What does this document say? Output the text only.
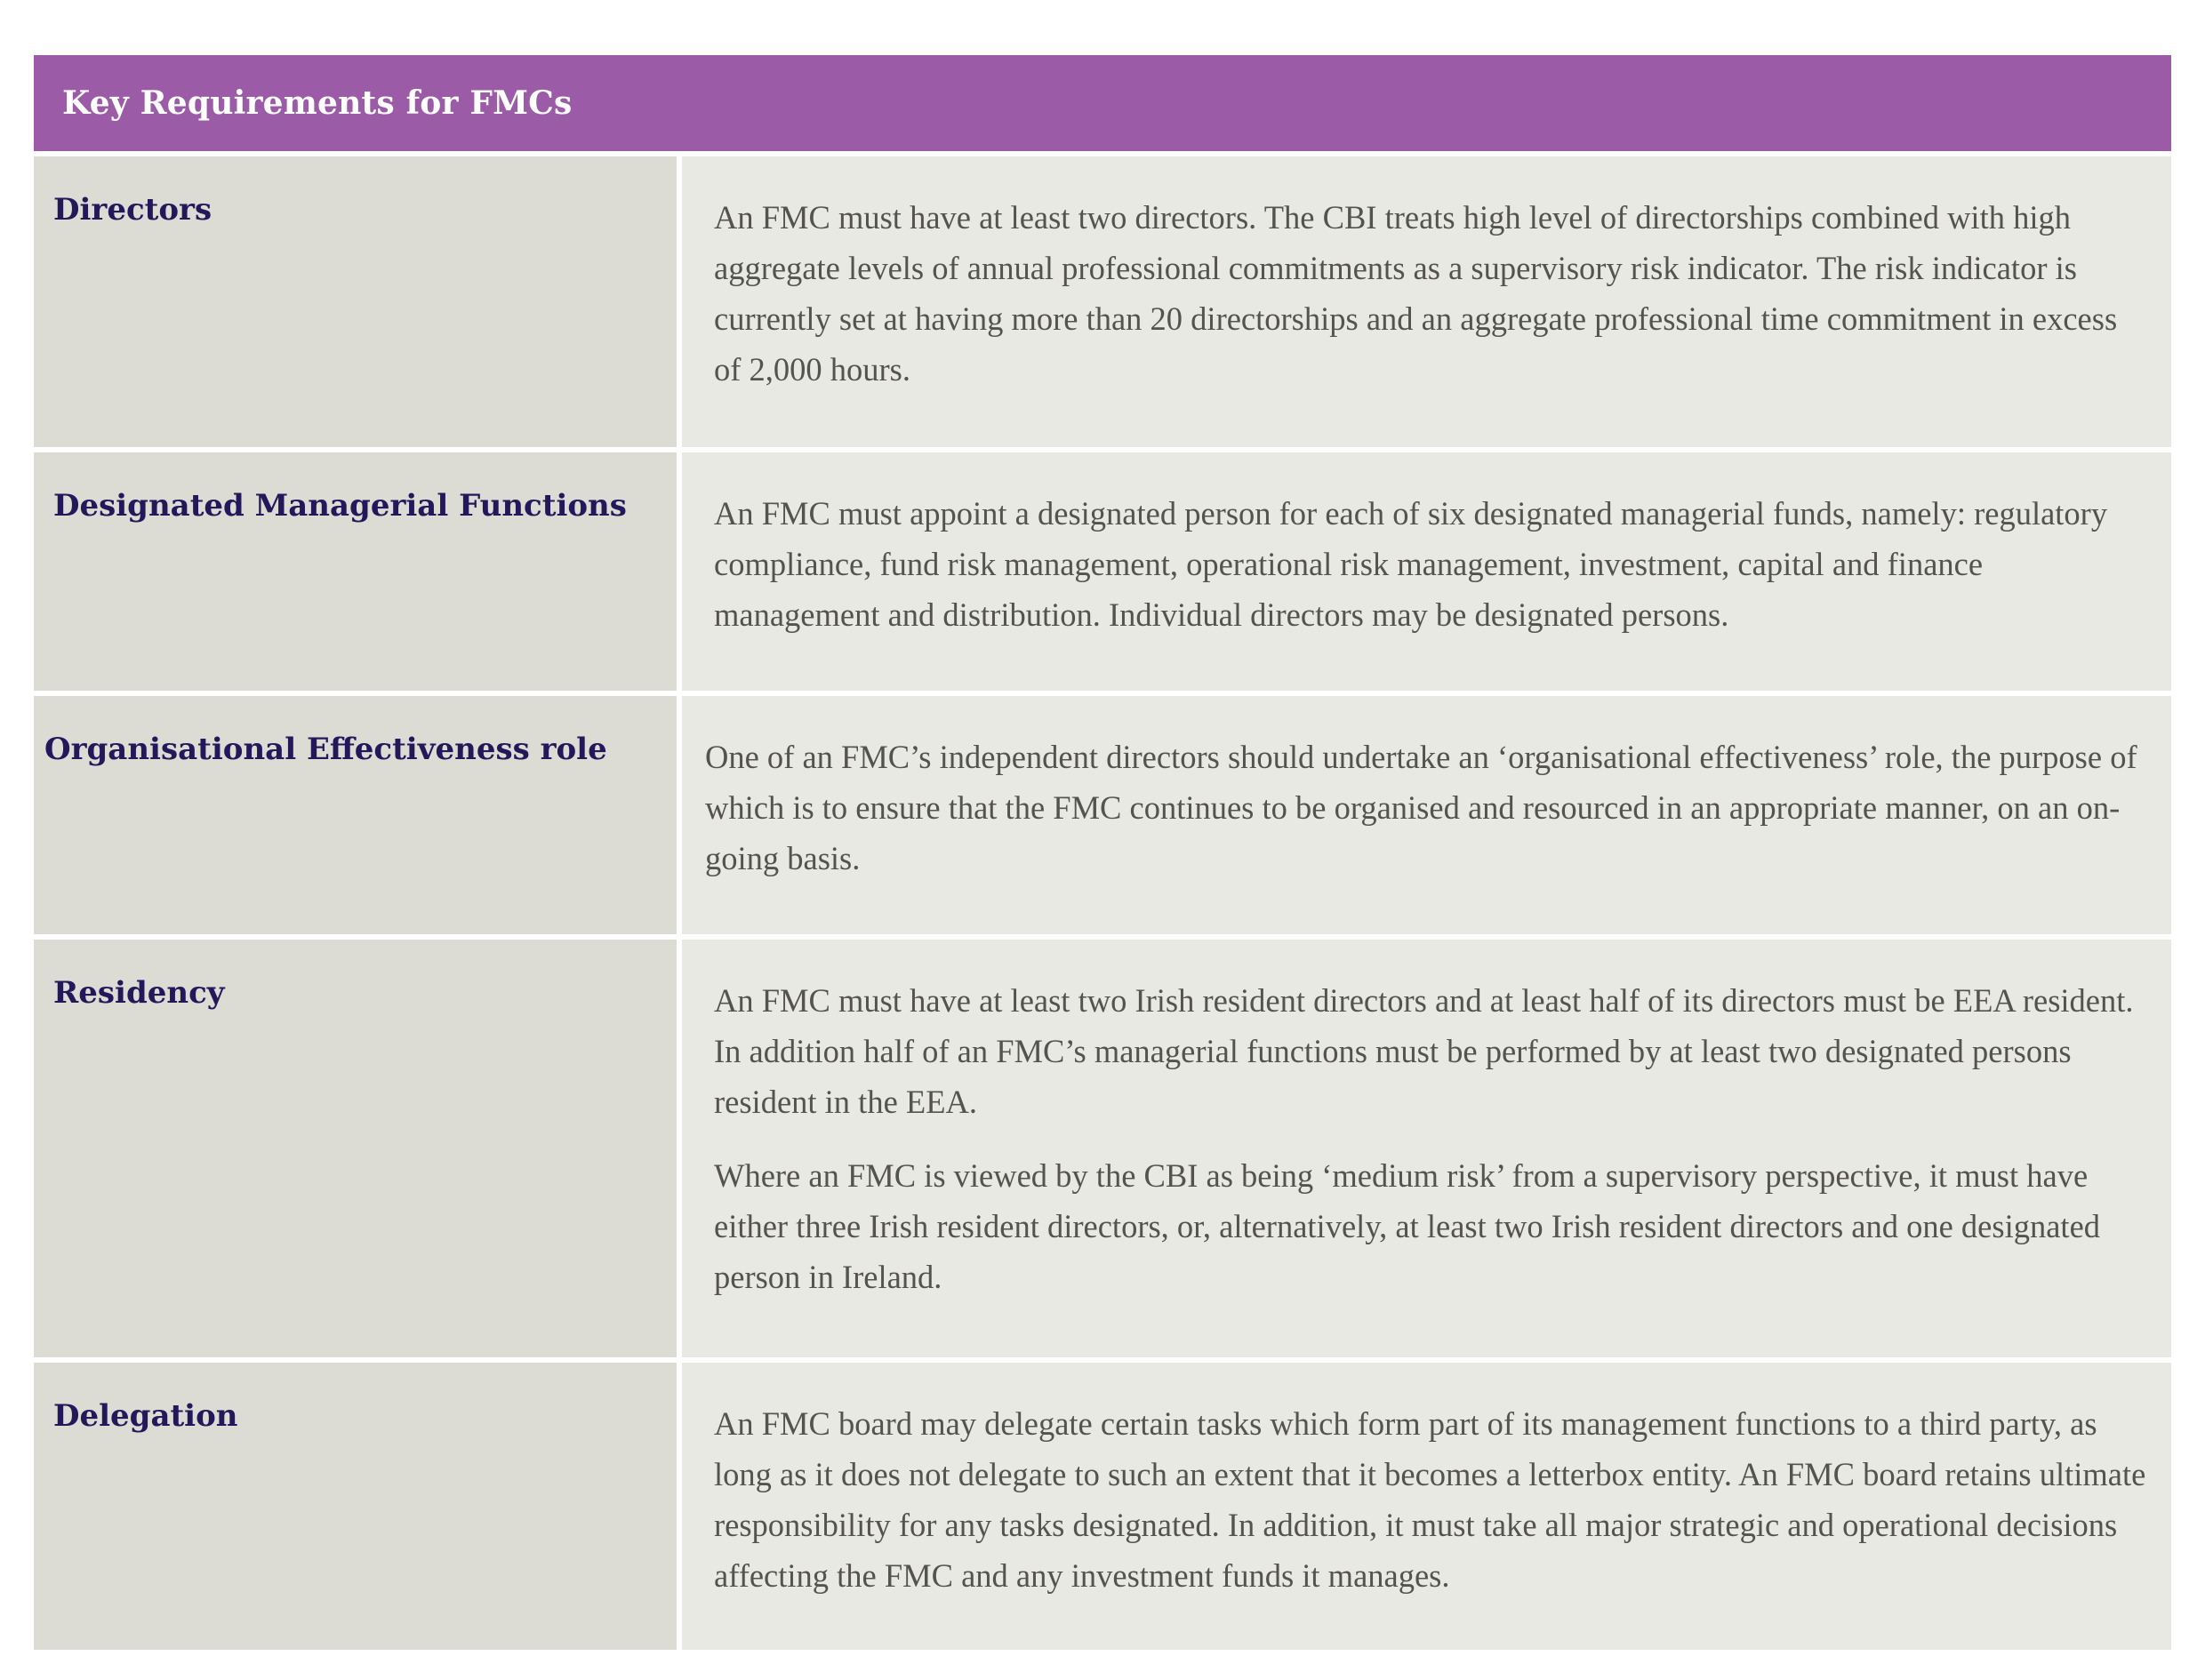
Key Requirements for FMCs
Directors	An FMC must have at least two directors. The CBI treats high level of directorships combined with high aggregate levels of annual professional commitments as a supervisory risk indicator. The risk indicator is currently set at having more than 20 directorships and an aggregate professional time commitment in excess of 2,000 hours.

Designated Managerial Functions	An FMC must appoint a designated person for each of six designated managerial funds, namely: regulatory compliance, fund risk management, operational risk management, investment, capital and finance management and distribution. Individual directors may be designated persons.

Organisational Effectiveness role	One of an FMC’s independent directors should undertake an ‘organisational effectiveness’ role, the purpose of which is to ensure that the FMC continues to be organised and resourced in an appropriate manner, on an on-going basis.

Residency	An FMC must have at least two Irish resident directors and at least half of its directors must be EEA resident. In addition half of an FMC’s managerial functions must be performed by at least two designated persons resident in the EEA.

Where an FMC is viewed by the CBI as being ‘medium risk’ from a supervisory perspective, it must have either three Irish resident directors, or, alternatively, at least two Irish resident directors and one designated person in Ireland.

Delegation	An FMC board may delegate certain tasks which form part of its management functions to a third party, as long as it does not delegate to such an extent that it becomes a letterbox entity. An FMC board retains ultimate responsibility for any tasks designated. In addition, it must take all major strategic and operational decisions affecting the FMC and any investment funds it manages.
